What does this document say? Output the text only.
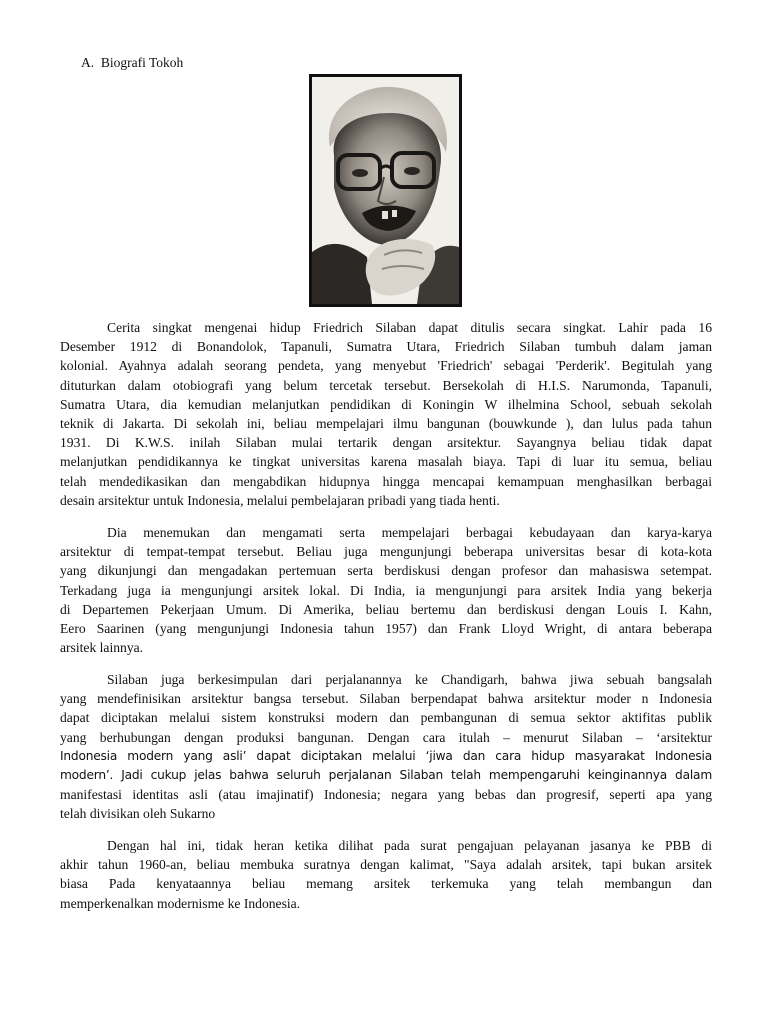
A.  Biografi Tokoh
Cerita singkat mengenai hidup Friedrich Silaban dapat ditulis secara singkat. Lahir pada 16
Desember 1912 di Bonandolok, Tapanuli, Sumatra Utara, Friedrich Silaban tumbuh dalam jaman
kolonial. Ayahnya adalah seorang pendeta, yang menyebut 'Friedrich' sebagai 'Perderik'. Begitulah yang
dituturkan dalam otobiografi yang belum tercetak tersebut. Bersekolah di H.I.S. Narumonda, Tapanuli,
Sumatra Utara, dia kemudian melanjutkan pendidikan di Koningin W ilhelmina School, sebuah sekolah
teknik di Jakarta. Di sekolah ini, beliau mempelajari ilmu bangunan (bouwkunde ), dan lulus pada tahun
1931. Di K.W.S. inilah Silaban mulai tertarik dengan arsitektur. Sayangnya beliau tidak dapat
melanjutkan pendidikannya ke tingkat universitas karena masalah biaya. Tapi di luar itu semua, beliau
telah mendedikasikan dan mengabdikan hidupnya hingga mencapai kemampuan menghasilkan berbagai
desain arsitektur untuk Indonesia, melalui pembelajaran pribadi yang tiada henti.
Dia menemukan dan mengamati serta mempelajari berbagai kebudayaan dan karya-karya
arsitektur di tempat-tempat tersebut. Beliau juga mengunjungi beberapa universitas besar di kota-kota
yang dikunjungi dan mengadakan pertemuan serta berdiskusi dengan profesor dan mahasiswa setempat.
Terkadang juga ia mengunjungi arsitek lokal. Di India, ia mengunjungi para arsitek India yang bekerja
di Departemen Pekerjaan Umum. Di Amerika, beliau bertemu dan berdiskusi dengan Louis I. Kahn,
Eero Saarinen (yang mengunjungi Indonesia tahun 1957) dan Frank Lloyd Wright, di antara beberapa
arsitek lainnya.
Silaban juga berkesimpulan dari perjalanannya ke Chandigarh, bahwa jiwa sebuah bangsalah
yang mendefinisikan arsitektur bangsa tersebut. Silaban berpendapat bahwa arsitektur moder n Indonesia
dapat diciptakan melalui sistem konstruksi modern dan pembangunan di semua sektor aktifitas publik
yang berhubungan dengan produksi bangunan. Dengan cara itulah – menurut Silaban – ‘arsitektur
Indonesia modern yang asli’ dapat diciptakan melalui ‘jiwa dan cara hidup masyarakat Indonesia
modern’. Jadi cukup jelas bahwa seluruh perjalanan Silaban telah mempengaruhi keinginannya dalam
manifestasi identitas asli (atau imajinatif) Indonesia; negara yang bebas dan progresif, seperti apa yang
telah divisikan oleh Sukarno
Dengan hal ini, tidak heran ketika dilihat pada surat pengajuan pelayanan jasanya ke PBB di
akhir tahun 1960-an, beliau membuka suratnya dengan kalimat, "Saya adalah arsitek, tapi bukan arsitek
biasa Pada kenyataannya beliau memang arsitek terkemuka yang telah membangun dan
memperkenalkan modernisme ke Indonesia.
